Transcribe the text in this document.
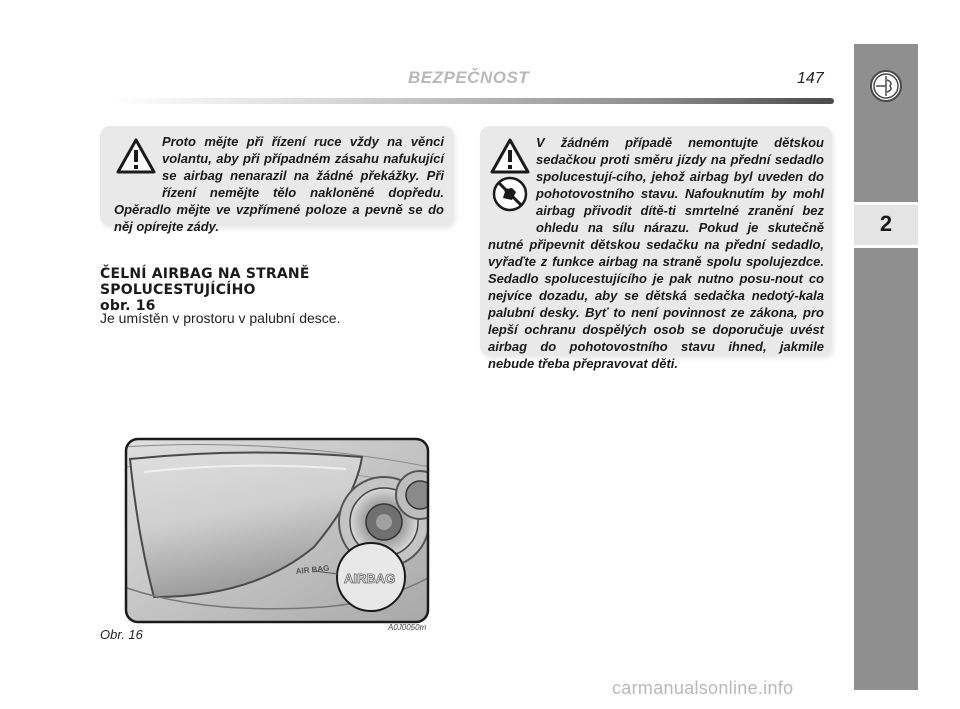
BEZPEČNOST	147
2

Proto mějte při řízení ruce vždy na věnci volantu, aby při případném zásahu nafukující se airbag nenarazil na žádné překážky. Při řízení nemějte tělo nakloněné dopředu. Opěradlo mějte ve vzpřímené poloze a pevně se do něj opírejte zády.

V žádném případě nemontujte dětskou sedačkou proti směru jízdy na přední sedadlo spolucestují-cího, jehož airbag byl uveden do pohotovostního stavu. Nafouknutím by mohl airbag přivodit dítě-ti smrtelné zranění bez ohledu na sílu nárazu. Pokud je skutečně nutné připevnit dětskou sedačku na přední sedadlo, vyřaďte z funkce airbag na straně spolu spolujezdce. Sedadlo spolucestujícího je pak nutno posu-nout co nejvíce dozadu, aby se dětská sedačka nedotý-kala palubní desky. Byť to není povinnost ze zákona, pro lepší ochranu dospělých osob se doporučuje uvést airbag do pohotovostního stavu ihned, jakmile nebude třeba přepravovat děti.

ČELNÍ AIRBAG NA STRANĚ SPOLUCESTUJÍCÍHO
obr. 16
Je umístěn v prostoru v palubní desce.
AIR BAG
AIRBAG
Obr. 16	A0J0050m
carmanualsonline.info
